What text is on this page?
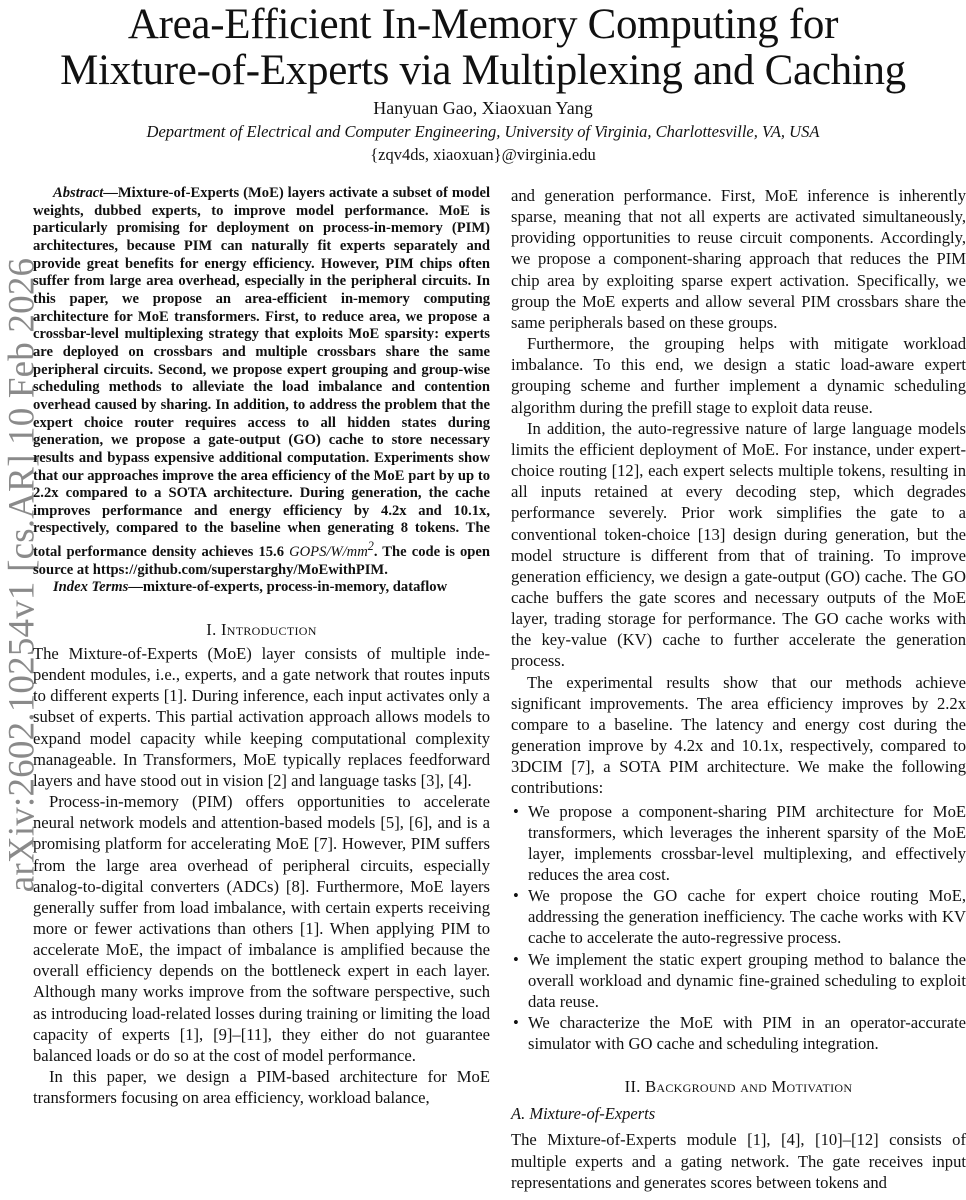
Area-Efficient In-Memory Computing for
Mixture-of-Experts via Multiplexing and Caching
Hanyuan Gao, Xiaoxuan Yang
Department of Electrical and Computer Engineering, University of Virginia, Charlottesville, VA, USA
{zqv4ds, xiaoxuan}@virginia.edu
arXiv:2602.10254v1 [cs.AR] 10 Feb 2026

Abstract—Mixture-of-Experts (MoE) layers activate a subset of model weights, dubbed experts, to improve model performance. MoE is particularly promising for deployment on process-in-memory (PIM) architectures, because PIM can naturally fit experts separately and provide great benefits for energy efficiency. However, PIM chips often suffer from large area overhead, especially in the peripheral circuits. In this paper, we propose an area-efficient in-memory computing architecture for MoE transformers. First, to reduce area, we propose a crossbar-level multiplexing strategy that exploits MoE sparsity: experts are deployed on crossbars and multiple crossbars share the same peripheral circuits. Second, we propose expert grouping and group-wise scheduling methods to alleviate the load imbalance and contention overhead caused by sharing. In addition, to address the problem that the expert choice router requires access to all hidden states during generation, we propose a gate-output (GO) cache to store necessary results and bypass expensive additional computation. Experiments show that our approaches improve the area efficiency of the MoE part by up to 2.2x compared to a SOTA architecture. During generation, the cache improves performance and energy efficiency by 4.2x and 10.1x, respectively, compared to the baseline when generating 8 tokens. The total performance density achieves 15.6 GOPS/$W/mm^2$. The code is open source at https://github.com/superstarghy/MoEwithPIM.

Index Terms—mixture-of-experts, process-in-memory, dataflow

I. Introduction

The Mixture-of-Experts (MoE) layer consists of multiple independent modules, i.e., experts, and a gate network that routes inputs to different experts [1]. During inference, each input activates only a subset of experts. This partial activation approach allows models to expand model capacity while keeping computational complexity manageable. In Transformers, MoE typically replaces feedforward layers and have stood out in vision [2] and language tasks [3], [4].

Process-in-memory (PIM) offers opportunities to accelerate neural network models and attention-based models [5], [6], and is a promising platform for accelerating MoE [7]. However, PIM suffers from the large area overhead of peripheral circuits, especially analog-to-digital converters (ADCs) [8]. Furthermore, MoE layers generally suffer from load imbalance, with certain experts receiving more or fewer activations than others [1]. When applying PIM to accelerate MoE, the impact of imbalance is amplified because the overall efficiency depends on the bottleneck expert in each layer. Although many works improve from the software perspective, such as introducing load-related losses during training or limiting the load capacity of experts [1], [9]–[11], they either do not guarantee balanced loads or do so at the cost of model performance.

In this paper, we design a PIM-based architecture for MoE transformers focusing on area efficiency, workload balance,

and generation performance. First, MoE inference is inherently sparse, meaning that not all experts are activated simultaneously, providing opportunities to reuse circuit components. Accordingly, we propose a component-sharing approach that reduces the PIM chip area by exploiting sparse expert activation. Specifically, we group the MoE experts and allow several PIM crossbars share the same peripherals based on these groups.

Furthermore, the grouping helps with mitigate workload imbalance. To this end, we design a static load-aware expert grouping scheme and further implement a dynamic scheduling algorithm during the prefill stage to exploit data reuse.

In addition, the auto-regressive nature of large language models limits the efficient deployment of MoE. For instance, under expert-choice routing [12], each expert selects multiple tokens, resulting in all inputs retained at every decoding step, which degrades performance severely. Prior work simplifies the gate to a conventional token-choice [13] design during generation, but the model structure is different from that of training. To improve generation efficiency, we design a gate-output (GO) cache. The GO cache buffers the gate scores and necessary outputs of the MoE layer, trading storage for performance. The GO cache works with the key-value (KV) cache to further accelerate the generation process.

The experimental results show that our methods achieve significant improvements. The area efficiency improves by 2.2x compare to a baseline. The latency and energy cost during the generation improve by 4.2x and 10.1x, respectively, compared to 3DCIM [7], a SOTA PIM architecture. We make the following contributions:

• We propose a component-sharing PIM architecture for MoE transformers, which leverages the inherent sparsity of the MoE layer, implements crossbar-level multiplexing, and effectively reduces the area cost.
• We propose the GO cache for expert choice routing MoE, addressing the generation inefficiency. The cache works with KV cache to accelerate the auto-regressive process.
• We implement the static expert grouping method to balance the overall workload and dynamic fine-grained scheduling to exploit data reuse.
• We characterize the MoE with PIM in an operator-accurate simulator with GO cache and scheduling integration.
II. Background and Motivation
A. Mixture-of-Experts

The Mixture-of-Experts module [1], [4], [10]–[12] consists of multiple experts and a gating network. The gate receives input representations and generates scores between tokens and
